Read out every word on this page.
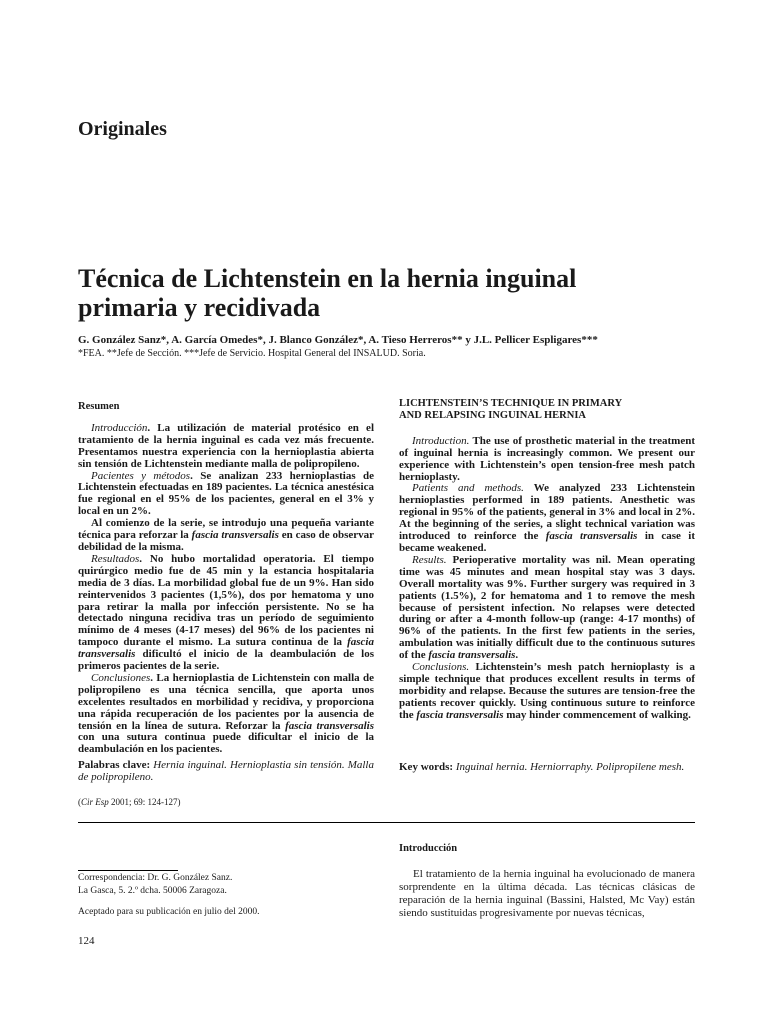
Originales
Técnica de Lichtenstein en la hernia inguinal
primaria y recidivada
G. González Sanz*, A. García Omedes*, J. Blanco González*, A. Tieso Herreros** y J.L. Pellicer Espligares***
*FEA. **Jefe de Sección. ***Jefe de Servicio. Hospital General del INSALUD. Soria.
Resumen

Introducción. La utilización de material protésico en el tratamiento de la hernia inguinal es cada vez más frecuente. Presentamos nuestra experiencia con la hernioplastia abierta sin tensión de Lichtenstein mediante malla de polipropileno.

Pacientes y métodos. Se analizan 233 hernioplastias de Lichtenstein efectuadas en 189 pacientes. La técnica anestésica fue regional en el 95% de los pacientes, general en el 3% y local en un 2%.

Al comienzo de la serie, se introdujo una pequeña variante técnica para reforzar la fascia transversalis en caso de observar debilidad de la misma.

Resultados. No hubo mortalidad operatoria. El tiempo quirúrgico medio fue de 45 min y la estancia hospitalaria media de 3 días. La morbilidad global fue de un 9%. Han sido reintervenidos 3 pacientes (1,5%), dos por hematoma y uno para retirar la malla por infección persistente. No se ha detectado ninguna recidiva tras un período de seguimiento mínimo de 4 meses (4-17 meses) del 96% de los pacientes ni tampoco durante el mismo. La sutura continua de la fascia transversalis dificultó el inicio de la deambulación de los primeros pacientes de la serie.

Conclusiones. La hernioplastia de Lichtenstein con malla de polipropileno es una técnica sencilla, que aporta unos excelentes resultados en morbilidad y recidiva, y proporciona una rápida recuperación de los pacientes por la ausencia de tensión en la línea de sutura. Reforzar la fascia transversalis con una sutura continua puede dificultar el inicio de la deambulación en los pacientes.

Palabras clave: Hernia inguinal. Hernioplastia sin tensión. Malla de polipropileno.
LICHTENSTEIN’S TECHNIQUE IN PRIMARY
AND RELAPSING INGUINAL HERNIA

Introduction. The use of prosthetic material in the treatment of inguinal hernia is increasingly common. We present our experience with Lichtenstein’s open tension-free mesh patch hernioplasty.

Patients and methods. We analyzed 233 Lichtenstein hernioplasties performed in 189 patients. Anesthetic was regional in 95% of the patients, general in 3% and local in 2%. At the beginning of the series, a slight technical variation was introduced to reinforce the fascia transversalis in case it became weakened.

Results. Perioperative mortality was nil. Mean operating time was 45 minutes and mean hospital stay was 3 days. Overall mortality was 9%. Further surgery was required in 3 patients (1.5%), 2 for hematoma and 1 to remove the mesh because of persistent infection. No relapses were detected during or after a 4-month follow-up (range: 4-17 months) of 96% of the patients. In the first few patients in the series, ambulation was initially difficult due to the continuous sutures of the fascia transversalis.

Conclusions. Lichtenstein’s mesh patch hernioplasty is a simple technique that produces excellent results in terms of morbidity and relapse. Because the sutures are tension-free the patients recover quickly. Using continuous suture to reinforce the fascia transversalis may hinder commencement of walking.

Key words: Inguinal hernia. Herniorraphy. Polipropilene mesh.
(Cir Esp 2001; 69: 124-127)
Correspondencia: Dr. G. González Sanz.
La Gasca, 5. 2.º dcha. 50006 Zaragoza.
Aceptado para su publicación en julio del 2000.
124
Introducción

El tratamiento de la hernia inguinal ha evolucionado de manera sorprendente en la última década. Las técnicas clásicas de reparación de la hernia inguinal (Bassini, Halsted, Mc Vay) están siendo sustituidas progresivamente por nuevas técnicas,
